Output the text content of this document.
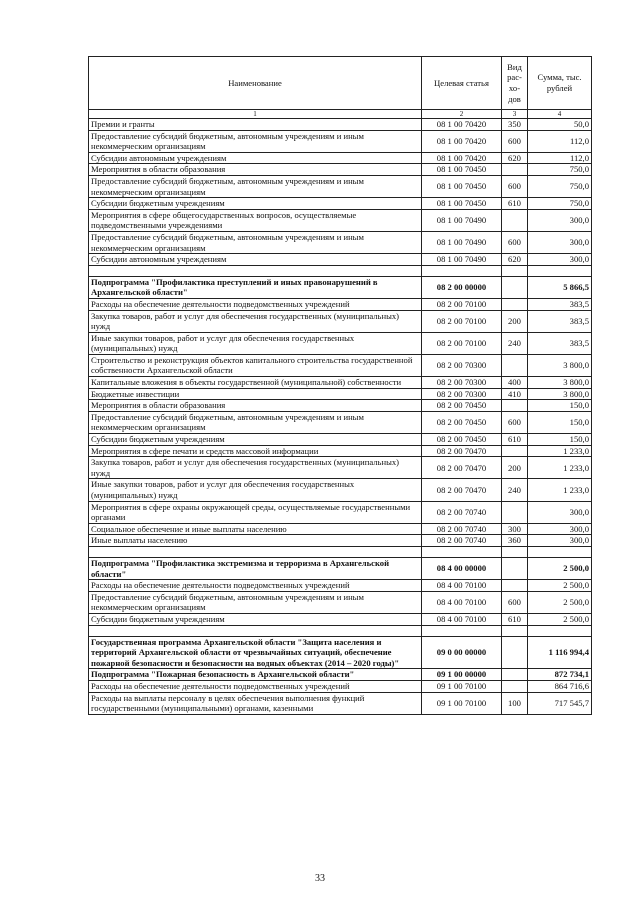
Наименование	Целевая статья	Вид рас-хо-дов	Сумма, тыс. рублей
1	2	3	4
Премии и гранты	08 1 00 70420	350	50,0
Предоставление субсидий бюджетным, автономным учреждениям и иным некоммерческим организациям	08 1 00 70420	600	112,0
Субсидии автономным учреждениям	08 1 00 70420	620	112,0
Мероприятия в области образования	08 1 00 70450		750,0
Предоставление субсидий бюджетным, автономным учреждениям и иным некоммерческим организациям	08 1 00 70450	600	750,0
Субсидии бюджетным учреждениям	08 1 00 70450	610	750,0
Мероприятия в сфере общегосударственных вопросов, осуществляемые подведомственными учреждениями	08 1 00 70490		300,0
Предоставление субсидий бюджетным, автономным учреждениям и иным некоммерческим организациям	08 1 00 70490	600	300,0
Субсидии автономным учреждениям	08 1 00 70490	620	300,0

Подпрограмма "Профилактика преступлений и иных правонарушений в Архангельской области"	08 2 00 00000		5 866,5
Расходы на обеспечение деятельности подведомственных учреждений	08 2 00 70100		383,5
Закупка товаров, работ и услуг для обеспечения государственных (муниципальных) нужд	08 2 00 70100	200	383,5
Иные закупки товаров, работ и услуг для обеспечения государственных (муниципальных) нужд	08 2 00 70100	240	383,5
Строительство и реконструкция объектов капитального строительства государственной собственности Архангельской области	08 2 00 70300		3 800,0
Капитальные вложения в объекты государственной (муниципальной) собственности	08 2 00 70300	400	3 800,0
Бюджетные инвестиции	08 2 00 70300	410	3 800,0
Мероприятия в области образования	08 2 00 70450		150,0
Предоставление субсидий бюджетным, автономным учреждениям и иным некоммерческим организациям	08 2 00 70450	600	150,0
Субсидии бюджетным учреждениям	08 2 00 70450	610	150,0
Мероприятия в сфере печати и средств массовой информации	08 2 00 70470		1 233,0
Закупка товаров, работ и услуг для обеспечения государственных (муниципальных) нужд	08 2 00 70470	200	1 233,0
Иные закупки товаров, работ и услуг для обеспечения государственных (муниципальных) нужд	08 2 00 70470	240	1 233,0
Мероприятия в сфере охраны окружающей среды, осуществляемые государственными органами	08 2 00 70740		300,0
Социальное обеспечение и иные выплаты населению	08 2 00 70740	300	300,0
Иные выплаты населению	08 2 00 70740	360	300,0

Подпрограмма "Профилактика экстремизма и терроризма в Архангельской области"	08 4 00 00000		2 500,0
Расходы на обеспечение деятельности подведомственных учреждений	08 4 00 70100		2 500,0
Предоставление субсидий бюджетным, автономным учреждениям и иным некоммерческим организациям	08 4 00 70100	600	2 500,0
Субсидии бюджетным учреждениям	08 4 00 70100	610	2 500,0

Государственная программа Архангельской области "Защита населения и территорий Архангельской области от чрезвычайных ситуаций, обеспечение пожарной безопасности и безопасности на водных объектах (2014 – 2020 годы)"	09 0 00 00000		1 116 994,4
Подпрограмма "Пожарная безопасность в Архангельской области"	09 1 00 00000		872 734,1
Расходы на обеспечение деятельности подведомственных учреждений	09 1 00 70100		864 716,6
Расходы на выплаты персоналу в целях обеспечения выполнения функций государственными (муниципальными) органами, казенными	09 1 00 70100	100	717 545,7
33
